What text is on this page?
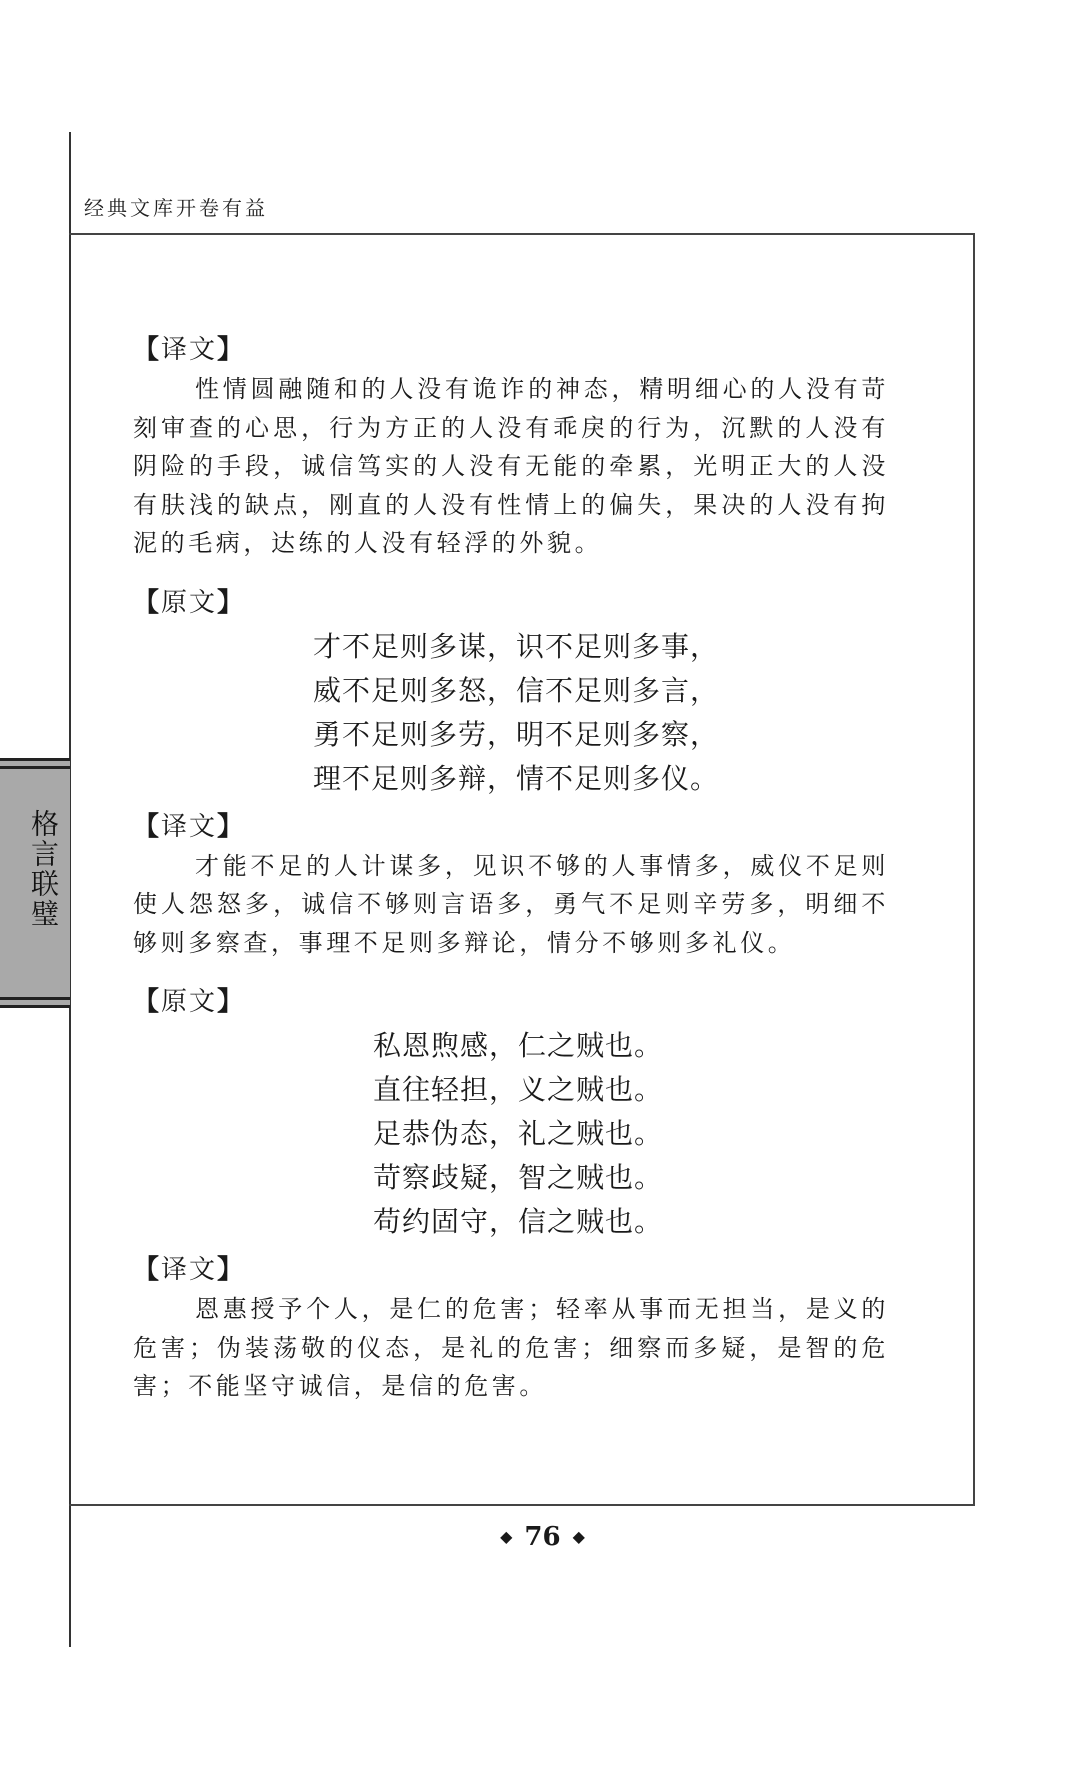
经典文库开卷有益
格言联璧
【译文】

性情圆融随和的人没有诡诈的神态，精明细心的人没有苛刻审查的心思，行为方正的人没有乖戾的行为，沉默的人没有阴险的手段，诚信笃实的人没有无能的牵累，光明正大的人没有肤浅的缺点，刚直的人没有性情上的偏失，果决的人没有拘泥的毛病，达练的人没有轻浮的外貌。

【原文】

才不足则多谋，识不足则多事，

威不足则多怒，信不足则多言，

勇不足则多劳，明不足则多察，

理不足则多辩，情不足则多仪。

【译文】

才能不足的人计谋多，见识不够的人事情多，威仪不足则使人怨怒多，诚信不够则言语多，勇气不足则辛劳多，明细不够则多察查，事理不足则多辩论，情分不够则多礼仪。

【原文】

私恩煦感，仁之贼也。

直往轻担，义之贼也。

足恭伪态，礼之贼也。

苛察歧疑，智之贼也。

苟约固守，信之贼也。

【译文】

恩惠授予个人，是仁的危害；轻率从事而无担当，是义的危害；伪装荡敬的仪态，是礼的危害；细察而多疑，是智的危害；不能坚守诚信，是信的危害。

◆ 76 ◆
